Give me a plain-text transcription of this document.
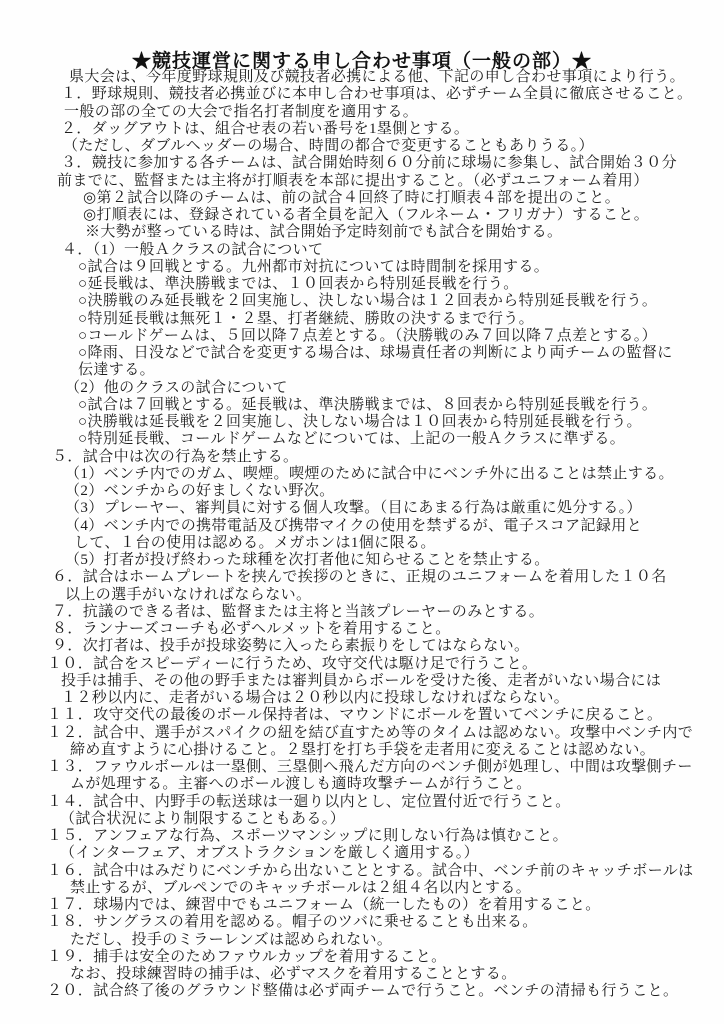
★競技運営に関する申し合わせ事項（一般の部）★
県大会は、今年度野球規則及び競技者必携による他、下記の申し合わせ事項により行う。
１．野球規則、競技者必携並びに本申し合わせ事項は、必ずチーム全員に徹底させること。
一般の部の全ての大会で指名打者制度を適用する。
２．ダッグアウトは、組合せ表の若い番号を1塁側とする。
（ただし、ダブルヘッダーの場合、時間の都合で変更することもありうる。）
３．競技に参加する各チームは、試合開始時刻６０分前に球場に参集し、試合開始３０分
前までに、監督または主将が打順表を本部に提出すること。（必ずユニフォーム着用）
◎第２試合以降のチームは、前の試合４回終了時に打順表４部を提出のこと。
◎打順表には、登録されている者全員を記入（フルネーム・フリガナ）すること。
※大勢が整っている時は、試合開始予定時刻前でも試合を開始する。
４．（1）一般Ａクラスの試合について
○試合は９回戦とする。九州都市対抗については時間制を採用する。
○延長戦は、準決勝戦までは、１０回表から特別延長戦を行う。
○決勝戦のみ延長戦を２回実施し、決しない場合は１２回表から特別延長戦を行う。
○特別延長戦は無死１・２塁、打者継続、勝敗の決するまで行う。
○コールドゲームは、５回以降７点差とする。（決勝戦のみ７回以降７点差とする。）
○降雨、日没などで試合を変更する場合は、球場責任者の判断により両チームの監督に
伝達する。
（2）他のクラスの試合について
○試合は７回戦とする。延長戦は、準決勝戦までは、８回表から特別延長戦を行う。
○決勝戦は延長戦を２回実施し、決しない場合は１０回表から特別延長戦を行う。
○特別延長戦、コールドゲームなどについては、上記の一般Ａクラスに準ずる。
５．試合中は次の行為を禁止する。
（1）ベンチ内でのガム、喫煙。喫煙のために試合中にベンチ外に出ることは禁止する。
（2）ベンチからの好ましくない野次。
（3）プレーヤー、審判員に対する個人攻撃。（目にあまる行為は厳重に処分する。）
（4）ベンチ内での携帯電話及び携帯マイクの使用を禁ずるが、電子スコア記録用と
して、１台の使用は認める。メガホンは1個に限る。
（5）打者が投げ終わった球種を次打者他に知らせることを禁止する。
６．試合はホームプレートを挟んで挨拶のときに、正規のユニフォームを着用した１０名
以上の選手がいなければならない。
７．抗議のできる者は、監督または主将と当該プレーヤーのみとする。
８．ランナーズコーチも必ずヘルメットを着用すること。
９．次打者は、投手が投球姿勢に入ったら素振りをしてはならない。
１０．試合をスピーディーに行うため、攻守交代は駆け足で行うこと。
投手は捕手、その他の野手または審判員からボールを受けた後、走者がいない場合には
１２秒以内に、走者がいる場合は２０秒以内に投球しなければならない。
１１．攻守交代の最後のボール保持者は、マウンドにボールを置いてベンチに戻ること。
１２．試合中、選手がスパイクの紐を結び直すため等のタイムは認めない。攻撃中ベンチ内で
締め直すように心掛けること。２塁打を打ち手袋を走者用に変えることは認めない。
１３．ファウルボールは一塁側、三塁側へ飛んだ方向のベンチ側が処理し、中間は攻撃側チー
ムが処理する。主審へのボール渡しも適時攻撃チームが行うこと。
１４．試合中、内野手の転送球は一廻り以内とし、定位置付近で行うこと。
（試合状況により制限することもある。）
１５．アンフェアな行為、スポーツマンシップに則しない行為は慎むこと。
（インターフェア、オブストラクションを厳しく適用する。）
１６．試合中はみだりにベンチから出ないこととする。試合中、ベンチ前のキャッチボールは
禁止するが、ブルペンでのキャッチボールは２組４名以内とする。
１７．球場内では、練習中でもユニフォーム（統一したもの）を着用すること。
１８．サングラスの着用を認める。帽子のツバに乗せることも出来る。
ただし、投手のミラーレンズは認められない。
１９．捕手は安全のためファウルカップを着用すること。
なお、投球練習時の捕手は、必ずマスクを着用することとする。
２０．試合終了後のグラウンド整備は必ず両チームで行うこと。ベンチの清掃も行うこと。
